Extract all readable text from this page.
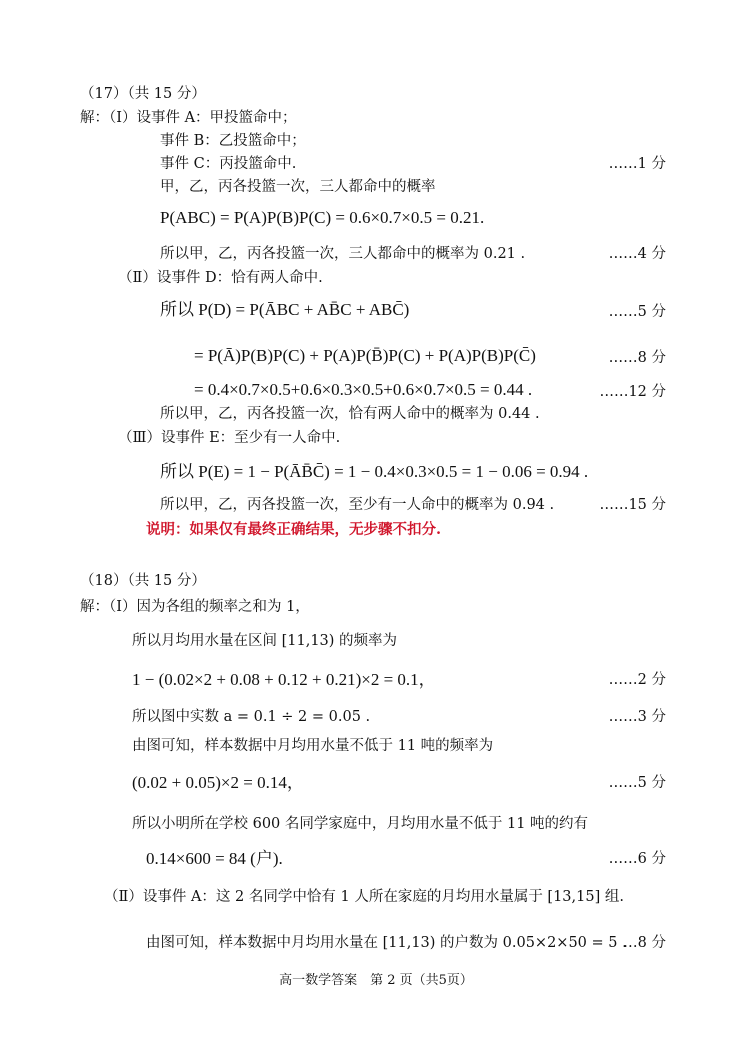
（17）（共 15 分）
解：（Ⅰ）设事件 A：甲投篮命中；
事件 B：乙投篮命中；
事件 C：丙投篮命中.	……1 分
甲，乙，丙各投篮一次，三人都命中的概率
P(ABC) = P(A)P(B)P(C) = 0.6×0.7×0.5 = 0.21.
所以甲，乙，丙各投篮一次，三人都命中的概率为 0.21 .	……4 分
（Ⅱ）设事件 D：恰有两人命中.
所以 P(D) = P(ĀBC + AB̄C + ABC̄)	……5 分
= P(Ā)P(B)P(C) + P(A)P(B̄)P(C) + P(A)P(B)P(C̄)	……8 分
= 0.4×0.7×0.5+0.6×0.3×0.5+0.6×0.7×0.5 = 0.44 .	……12 分
所以甲，乙，丙各投篮一次，恰有两人命中的概率为 0.44 .
（Ⅲ）设事件 E：至少有一人命中.
所以 P(E) = 1 − P(ĀB̄C̄) = 1 − 0.4×0.3×0.5 = 1 − 0.06 = 0.94 .
所以甲，乙，丙各投篮一次，至少有一人命中的概率为 0.94 .	……15 分
说明：如果仅有最终正确结果，无步骤不扣分.
（18）（共 15 分）
解：（Ⅰ）因为各组的频率之和为 1，
所以月均用水量在区间 [11,13) 的频率为
1 − (0.02×2 + 0.08 + 0.12 + 0.21)×2 = 0.1，	……2 分
所以图中实数 a = 0.1 ÷ 2 = 0.05 .	……3 分
由图可知，样本数据中月均用水量不低于 11 吨的频率为
(0.02 + 0.05)×2 = 0.14，	……5 分
所以小明所在学校 600 名同学家庭中，月均用水量不低于 11 吨的约有
0.14×600 = 84 (户).	……6 分
（Ⅱ）设事件 A：这 2 名同学中恰有 1 人所在家庭的月均用水量属于 [13,15] 组.
由图可知，样本数据中月均用水量在 [11,13) 的户数为 0.05×2×50 = 5 .
…8 分
高一数学答案　第 2 页（共5页）
